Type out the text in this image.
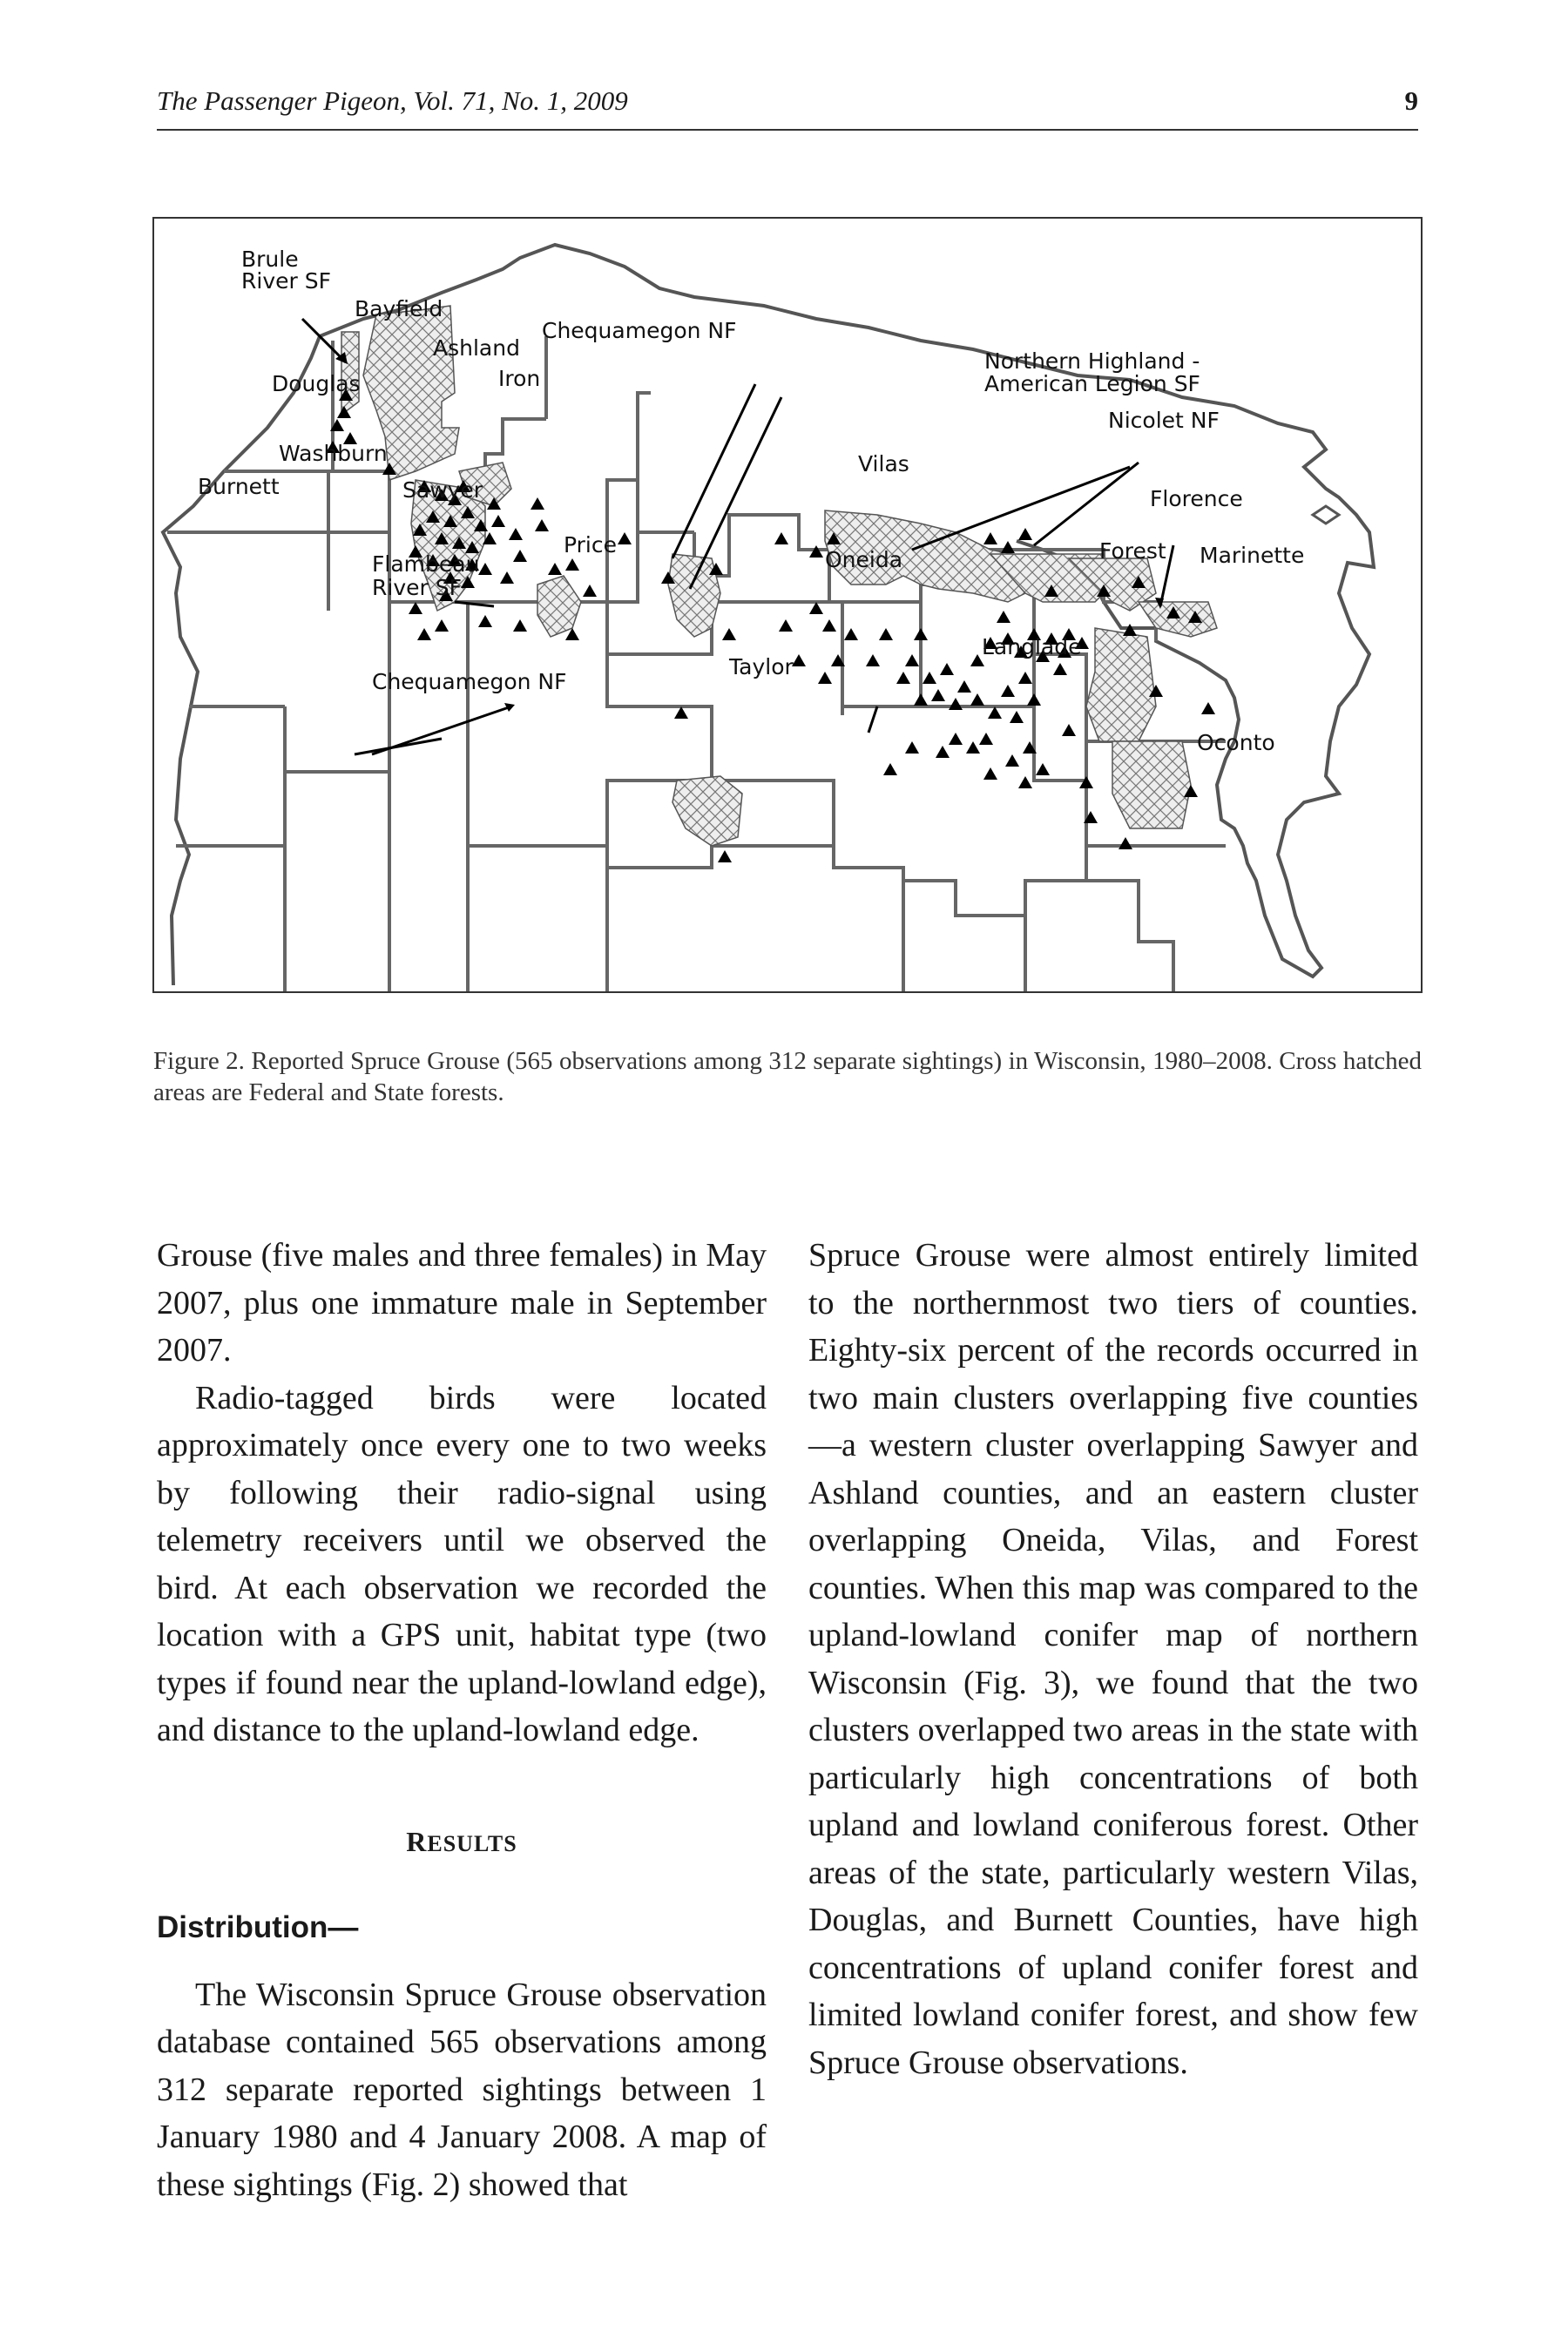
The Passenger Pigeon, Vol. 71, No. 1, 2009	9
Brule
River SF
Bayfield
Ashland
Chequamegon NF
Iron
Northern Highland -
American Legion SF
Douglas
Nicolet NF
Washburn	Vilas
Burnett	Sawyer	Florence
Flambeau
River SF
Price
Oneida	Forest Marinette
Langlade
Taylor
Chequamegon NF
Oconto
Figure 2. Reported Spruce Grouse (565 observations among 312 separate sightings) in Wisconsin, 1980–2008. Cross hatched areas are Federal and State forests.

Grouse (five males and three females) in May 2007, plus one immature male in September 2007.

Radio-tagged birds were located approximately once every one to two weeks by following their radio-signal using telemetry receivers until we observed the bird. At each observation we recorded the location with a GPS unit, habitat type (two types if found near the upland-lowland edge), and distance to the upland-lowland edge.

RESULTS
Distribution—

The Wisconsin Spruce Grouse observation database contained 565 observations among 312 separate reported sightings between 1 January 1980 and 4 January 2008. A map of these sightings (Fig. 2) showed that

Spruce Grouse were almost entirely limited to the northernmost two tiers of counties. Eighty-six percent of the records occurred in two main clusters overlapping five counties—a western cluster overlapping Sawyer and Ashland counties, and an eastern cluster overlapping Oneida, Vilas, and Forest counties. When this map was compared to the upland-lowland conifer map of northern Wisconsin (Fig. 3), we found that the two clusters overlapped two areas in the state with particularly high concentrations of both upland and lowland coniferous forest. Other areas of the state, particularly western Vilas, Douglas, and Burnett Counties, have high concentrations of upland conifer forest and limited lowland conifer forest, and show few Spruce Grouse observations.
